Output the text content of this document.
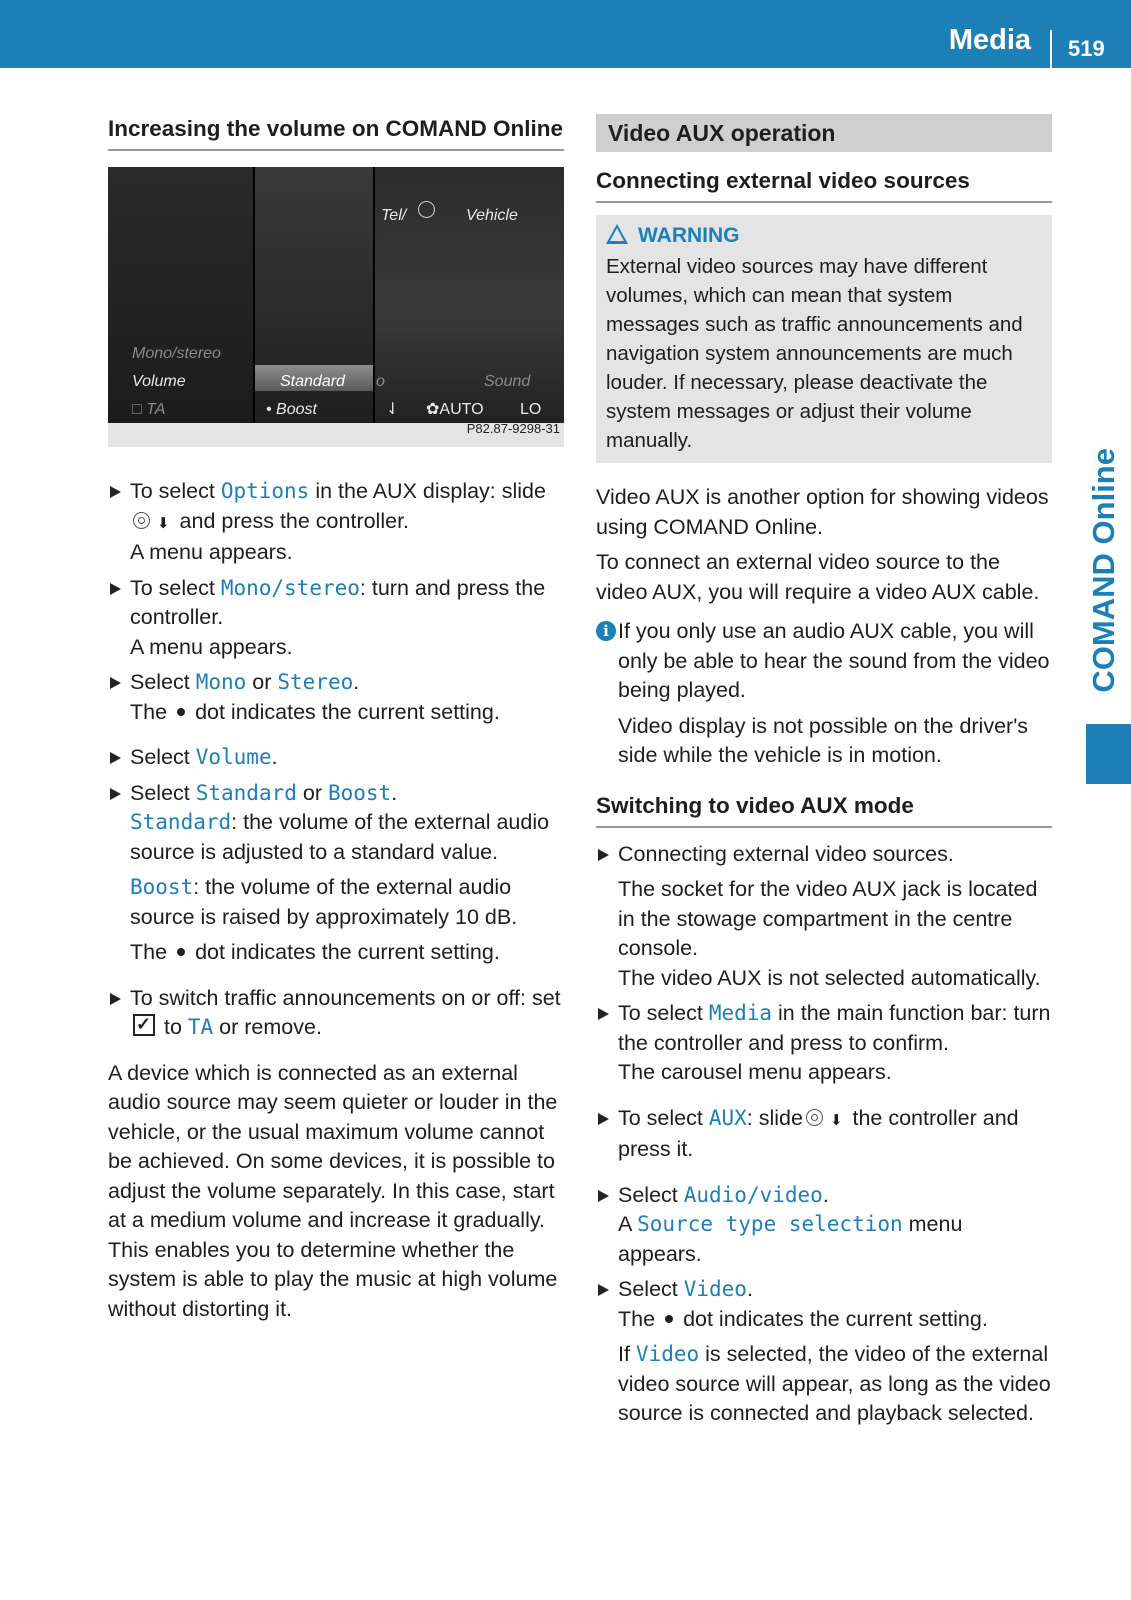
Media 519
COMAND Online
Increasing the volume on COMAND Online
Tel/	Vehicle
Mono/stereo
Volume
□ TA
Standard
• Boost
o	Sound
⇃ ✿AUTO LO
P82.87-9298-31
To select Options in the AUX display: slide
⬇ and press the controller.
A menu appears.
To select Mono/stereo: turn and press the controller.
A menu appears.
Select Mono or Stereo.
The dot indicates the current setting.
Select Volume.
Select Standard or Boost.
Standard: the volume of the external audio source is adjusted to a standard value.
Boost: the volume of the external audio source is raised by approximately 10 dB.
The dot indicates the current setting.
To switch traffic announcements on or off: set
✓ to TA or remove.

A device which is connected as an external audio source may seem quieter or louder in the vehicle, or the usual maximum volume cannot be achieved. On some devices, it is possible to adjust the volume separately. In this case, start at a medium volume and increase it gradually. This enables you to determine whether the system is able to play the music at high volume without distorting it.

Video AUX operation
Connecting external video sources
WARNING
External video sources may have different volumes, which can mean that system messages such as traffic announcements and navigation system announcements are much louder. If necessary, please deactivate the system messages or adjust their volume manually.

Video AUX is another option for showing videos using COMAND Online.

To connect an external video source to the video AUX, you will require a video AUX cable.

i If you only use an audio AUX cable, you will only be able to hear the sound from the video being played.
Video display is not possible on the driver's side while the vehicle is in motion.
Switching to video AUX mode
Connecting external video sources.
The socket for the video AUX jack is located in the stowage compartment in the centre console.
The video AUX is not selected automatically.
To select Media in the main function bar: turn the controller and press to confirm.
The carousel menu appears.
To select AUX: slide ⬇ the controller and press it.
Select Audio/video.
A Source type selection menu appears.
Select Video.
The dot indicates the current setting.
If Video is selected, the video of the external video source will appear, as long as the video source is connected and playback selected.
